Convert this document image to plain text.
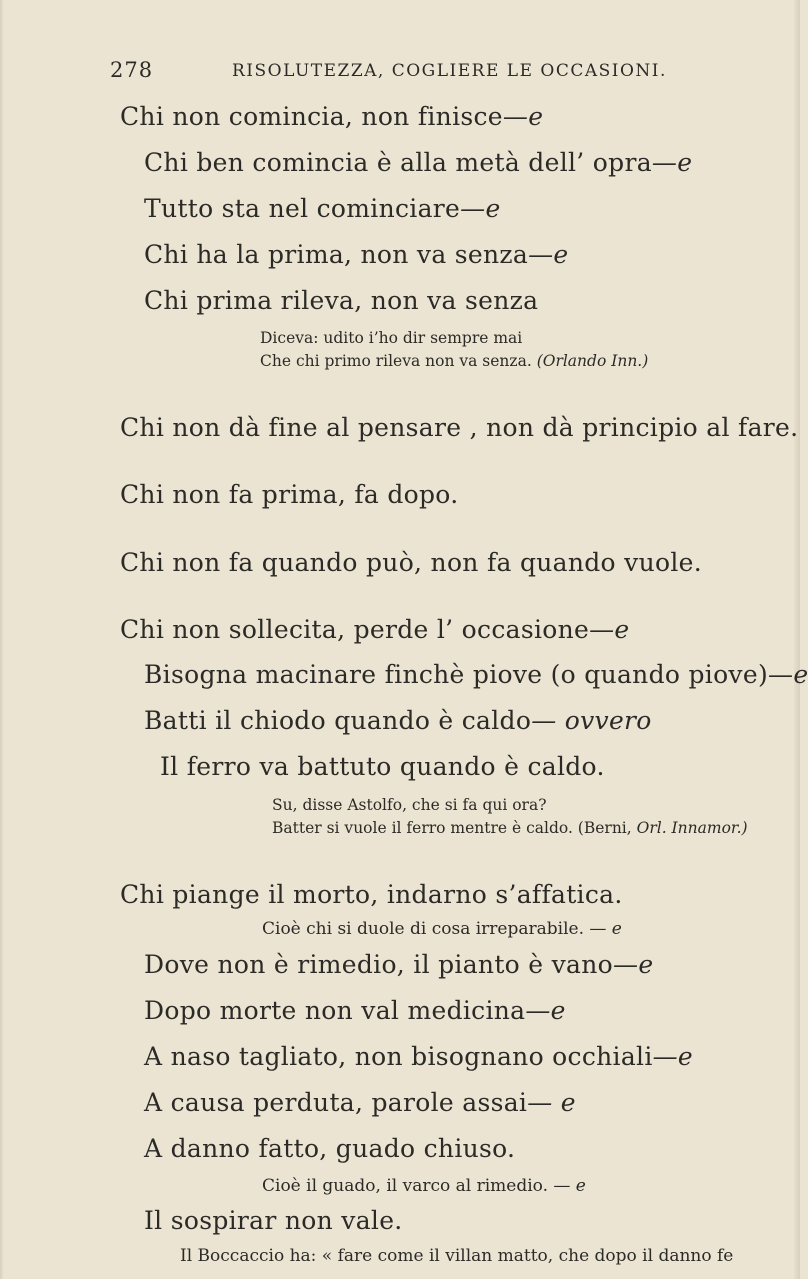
278	RISOLUTEZZA, COGLIERE LE OCCASIONI.
Chi non comincia, non finisce—e
Chi ben comincia è alla metà dell’ opra—e
Tutto sta nel cominciare—e
Chi ha la prima, non va senza—e
Chi prima rileva, non va senza
Diceva: udito i’ho dir sempre mai
Che chi primo rileva non va senza. (Orlando Inn.)
Chi non dà fine al pensare , non dà principio al fare.
Chi non fa prima, fa dopo.
Chi non fa quando può, non fa quando vuole.
Chi non sollecita, perde l’ occasione—e
Bisogna macinare finchè piove (o quando piove)—e
Batti il chiodo quando è caldo— ovvero
Il ferro va battuto quando è caldo.
Su, disse Astolfo, che si fa qui ora?
Batter si vuole il ferro mentre è caldo. (Berni, Orl. Innamor.)
Chi piange il morto, indarno s’affatica.
Cioè chi si duole di cosa irreparabile. — e
Dove non è rimedio, il pianto è vano—e
Dopo morte non val medicina—e
A naso tagliato, non bisognano occhiali—e
A causa perduta, parole assai— e
A danno fatto, guado chiuso.
Cioè il guado, il varco al rimedio. — e
Il sospirar non vale.
Il Boccaccio ha: « fare come il villan matto, che dopo il danno fe
